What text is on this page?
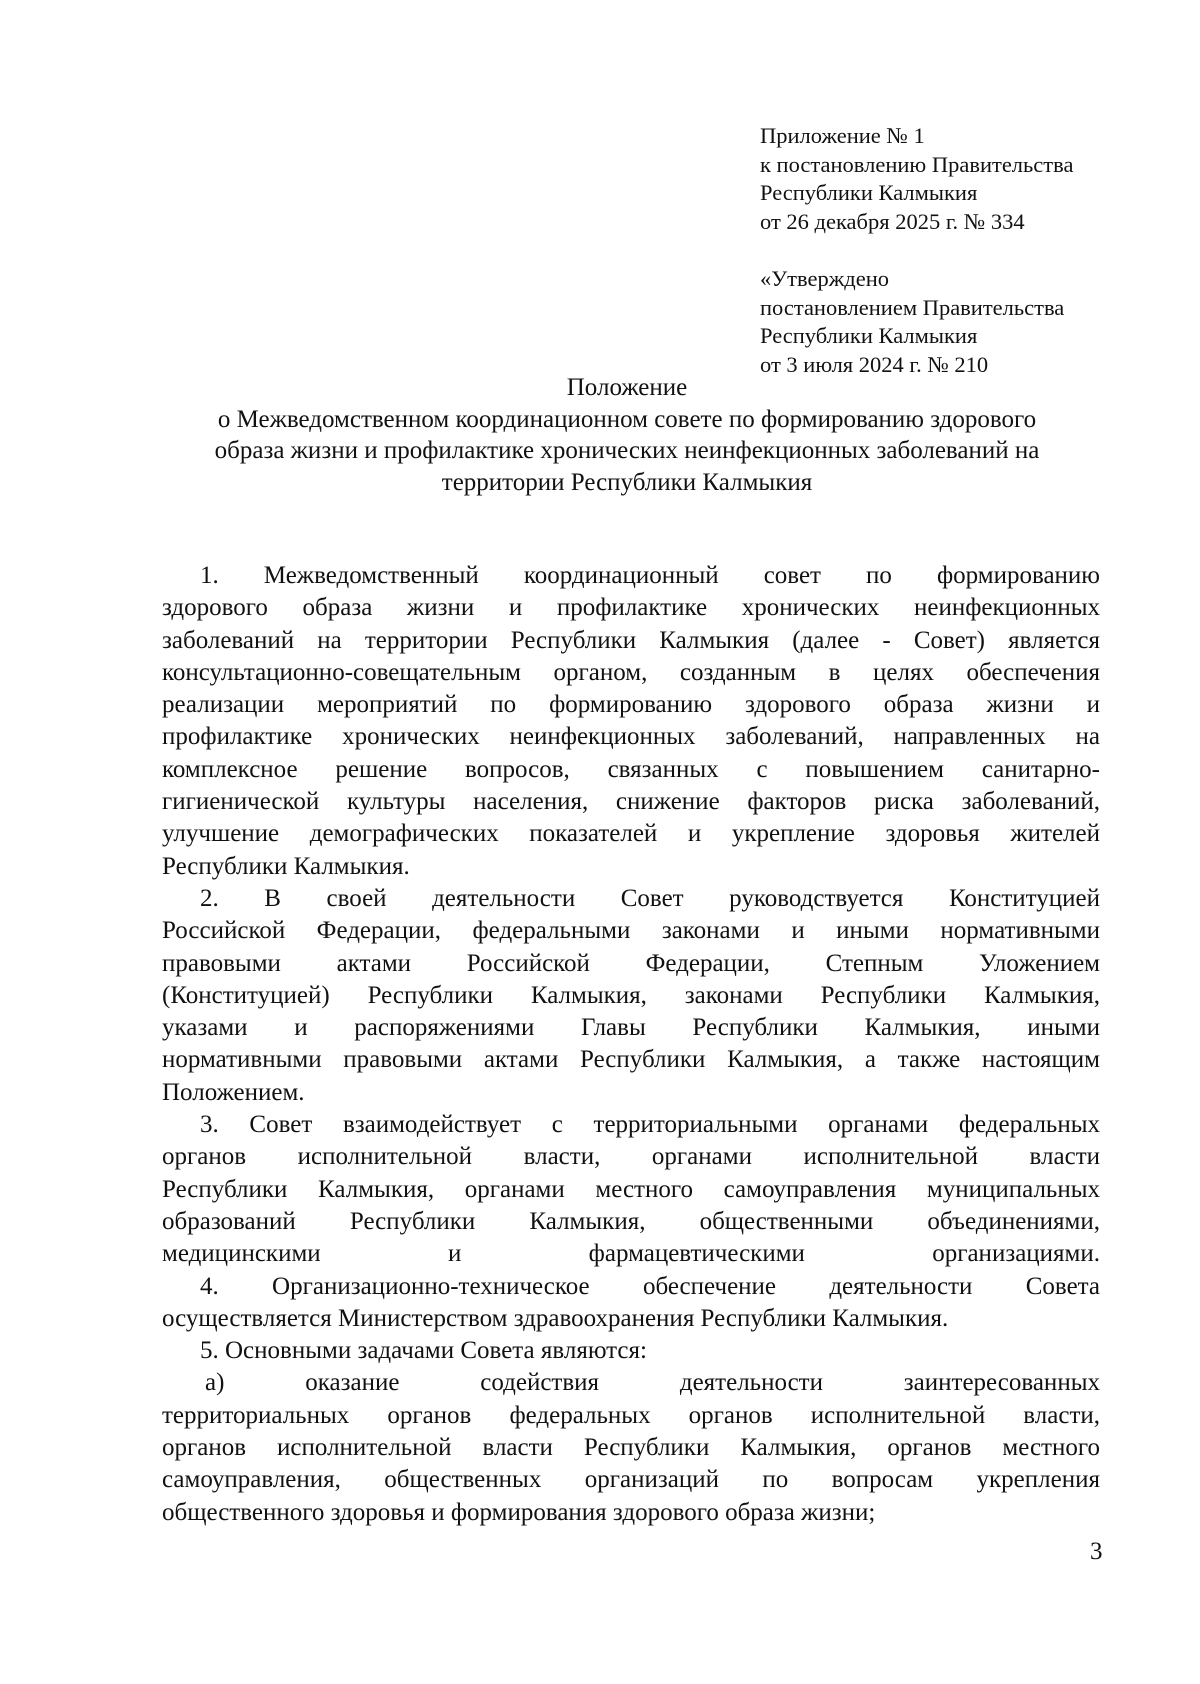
Приложение № 1
к постановлению Правительства
Республики Калмыкия
от 26 декабря 2025 г. № 334
«Утверждено
постановлением Правительства
Республики Калмыкия
от 3 июля 2024 г. № 210
Положение
о Межведомственном координационном совете по формированию здорового
образа жизни и профилактике хронических неинфекционных заболеваний на
территории Республики Калмыкия

1. Межведомственный координационный совет по формированию
здорового образа жизни и профилактике хронических неинфекционных
заболеваний на территории Республики Калмыкия (далее - Совет) является
консультационно-совещательным органом, созданным в целях обеспечения
реализации мероприятий по формированию здорового образа жизни и
профилактике хронических неинфекционных заболеваний, направленных на
комплексное решение вопросов, связанных с повышением санитарно-
гигиенической культуры населения, снижение факторов риска заболеваний,
улучшение демографических показателей и укрепление здоровья жителей
Республики Калмыкия.

2. В своей деятельности Совет руководствуется Конституцией
Российской Федерации, федеральными законами и иными нормативными
правовыми актами Российской Федерации, Степным Уложением
(Конституцией) Республики Калмыкия, законами Республики Калмыкия,
указами и распоряжениями Главы Республики Калмыкия, иными
нормативными правовыми актами Республики Калмыкия, а также настоящим
Положением.

3. Совет взаимодействует с территориальными органами федеральных
органов исполнительной власти, органами исполнительной власти
Республики Калмыкия, органами местного самоуправления муниципальных
образований Республики Калмыкия, общественными объединениями,
медицинскими и фармацевтическими организациями.

4. Организационно-техническое обеспечение деятельности Совета
осуществляется Министерством здравоохранения Республики Калмыкия.

5. Основными задачами Совета являются:

а) оказание содействия деятельности заинтересованных
территориальных органов федеральных органов исполнительной власти,
органов исполнительной власти Республики Калмыкия, органов местного
самоуправления, общественных организаций по вопросам укрепления
общественного здоровья и формирования здорового образа жизни;

3
